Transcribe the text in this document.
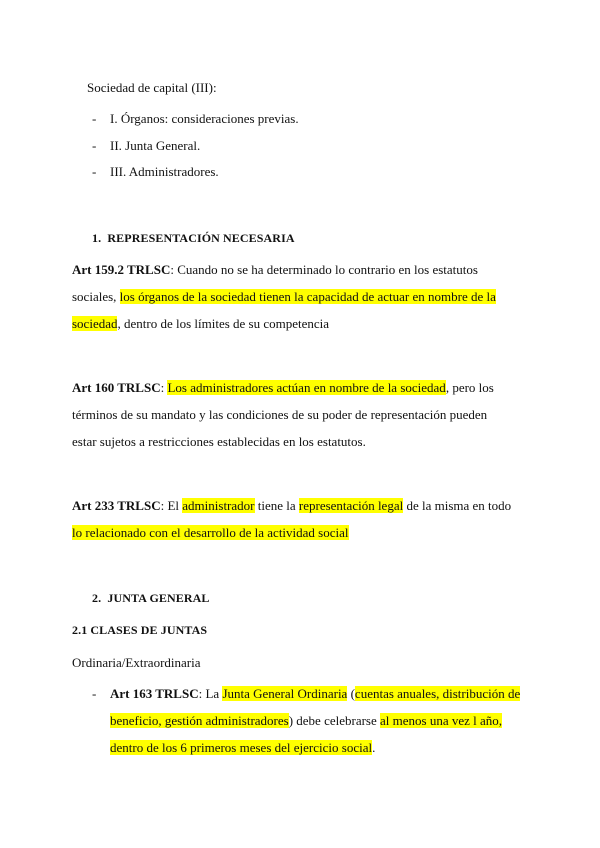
Sociedad de capital (III):
- I. Órganos: consideraciones previas.
- II. Junta General.
- III. Administradores.
1.  REPRESENTACIÓN NECESARIA
Art 159.2 TRLSC: Cuando no se ha determinado lo contrario en los estatutos
sociales, los órganos de la sociedad tienen la capacidad de actuar en nombre de la
sociedad, dentro de los límites de su competencia
Art 160 TRLSC: Los administradores actúan en nombre de la sociedad, pero los
términos de su mandato y las condiciones de su poder de representación pueden
estar sujetos a restricciones establecidas en los estatutos.
Art 233 TRLSC: El administrador tiene la representación legal de la misma en todo
lo relacionado con el desarrollo de la actividad social
2.  JUNTA GENERAL
2.1 CLASES DE JUNTAS
Ordinaria/Extraordinaria
- Art 163 TRLSC: La Junta General Ordinaria (cuentas anuales, distribución de
beneficio, gestión administradores) debe celebrarse al menos una vez l año,
dentro de los 6 primeros meses del ejercicio social.
